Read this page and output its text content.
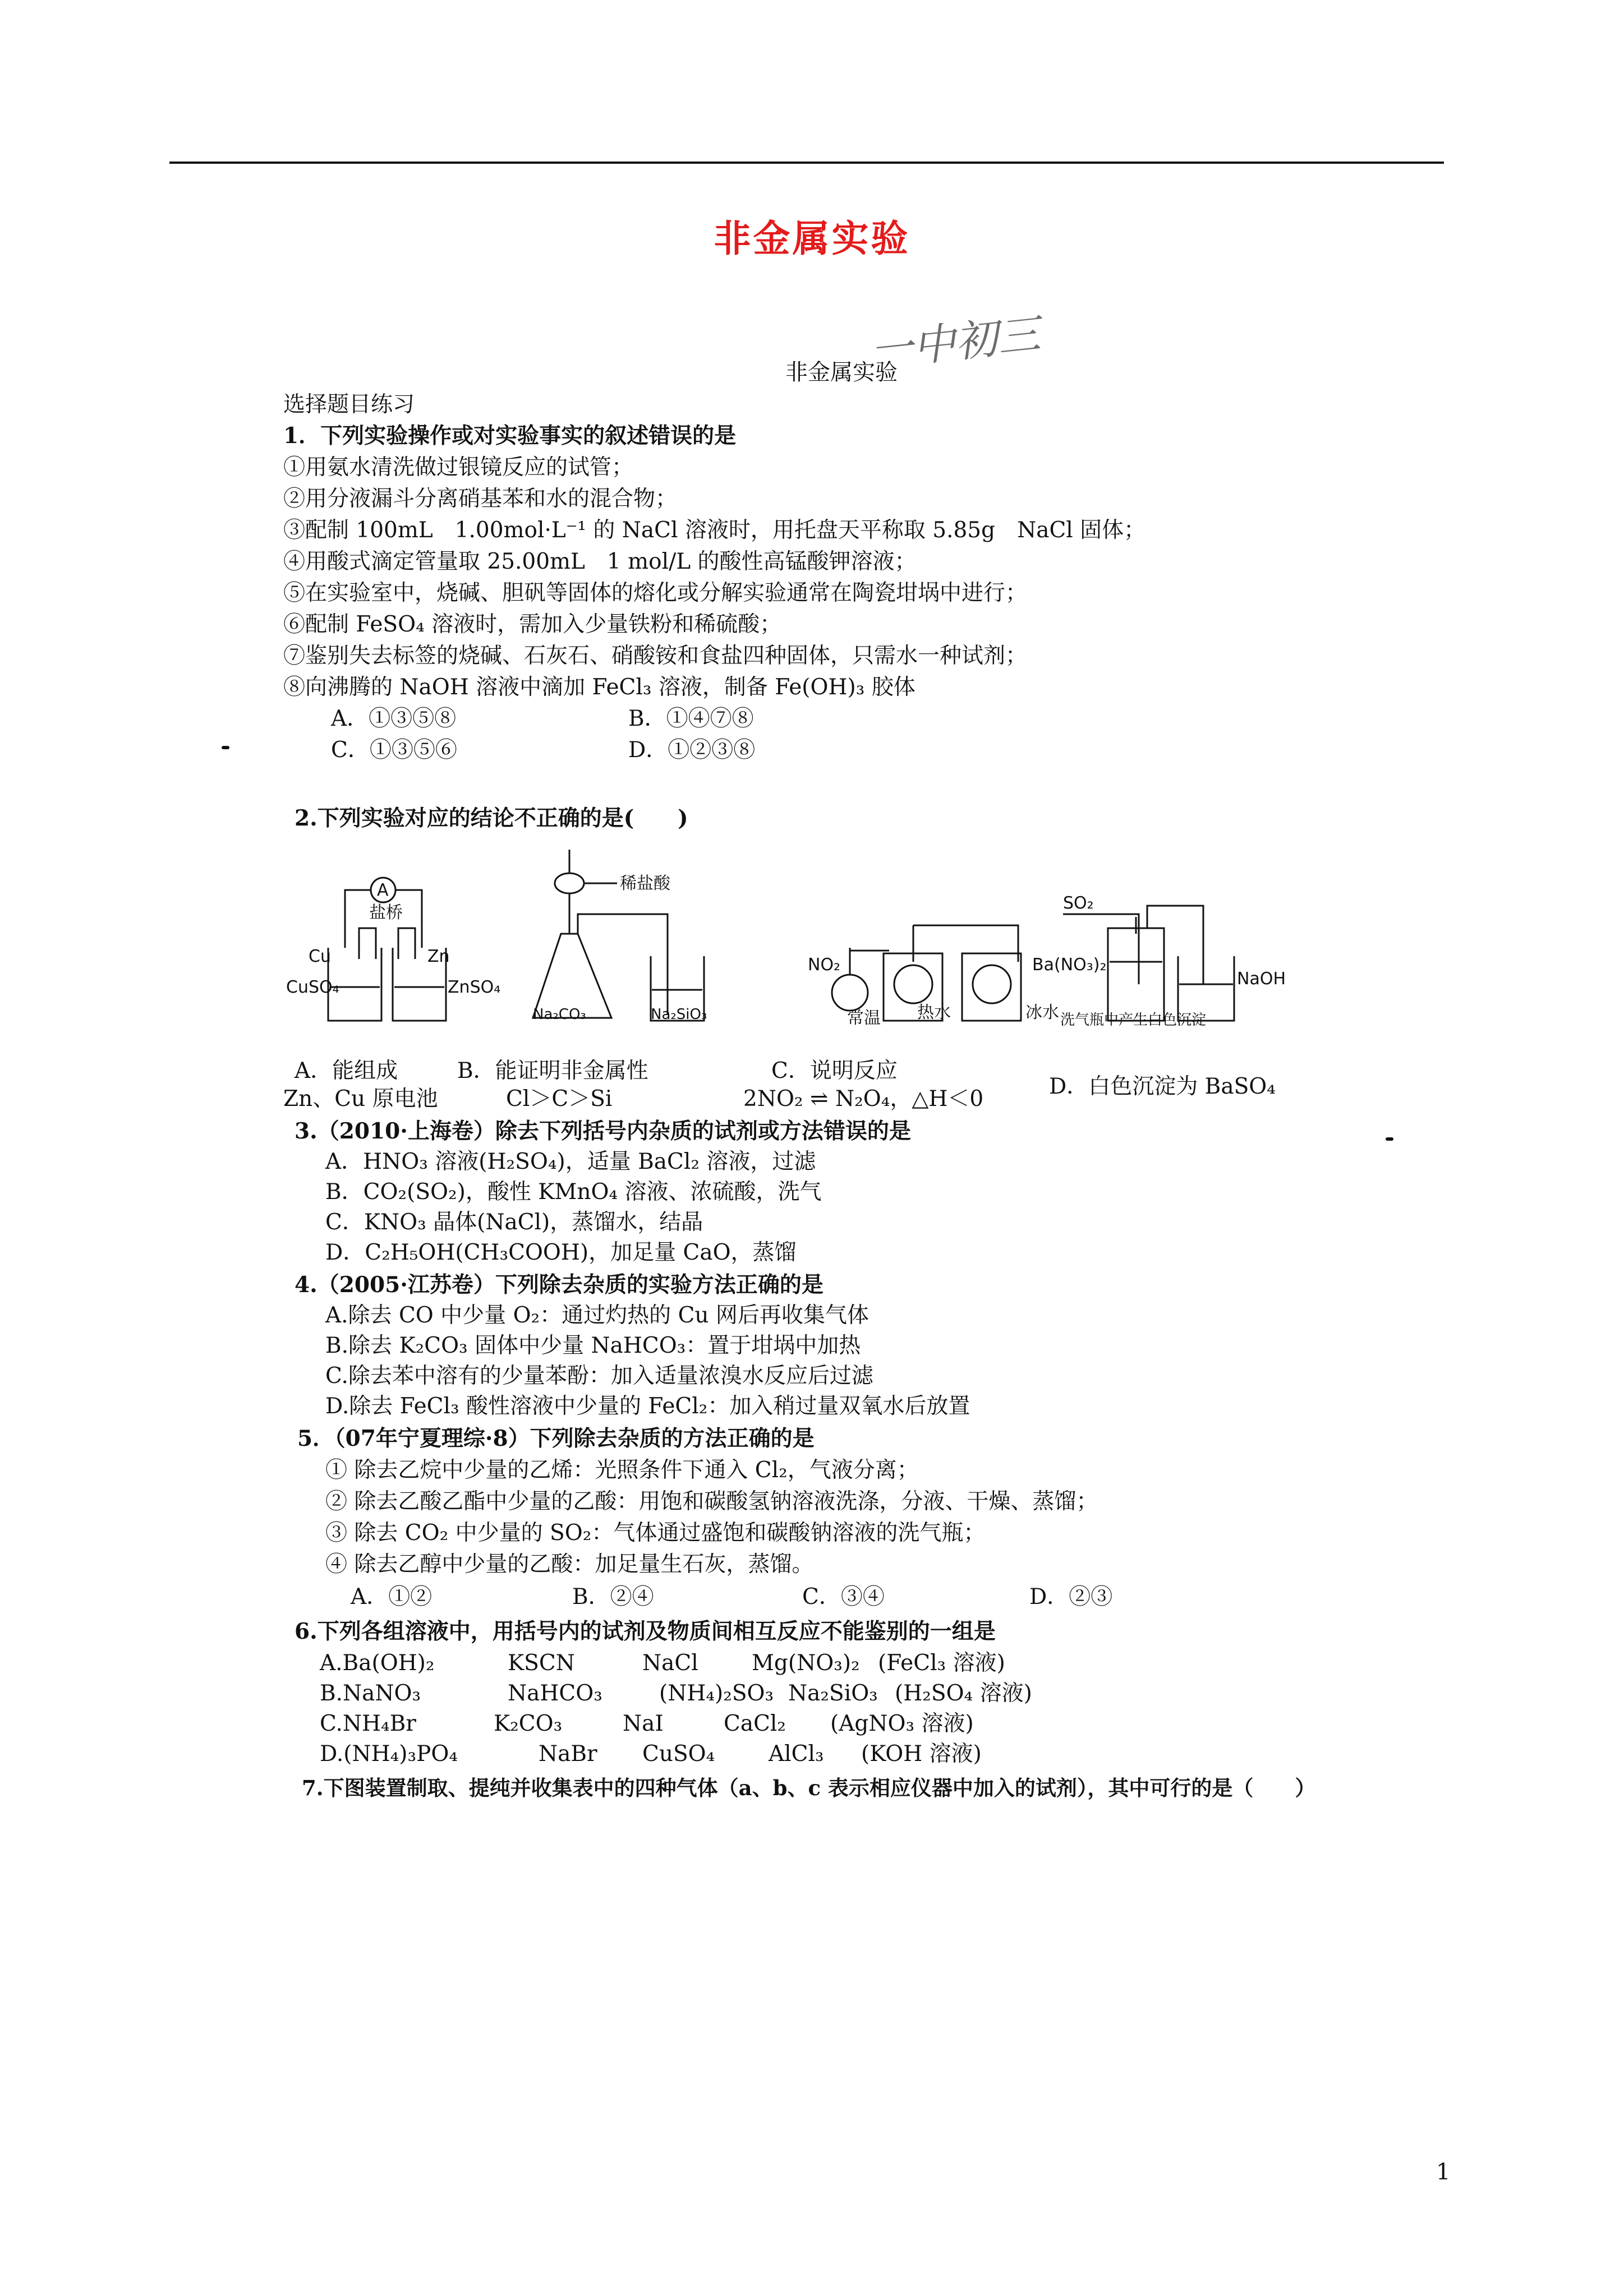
非金属实验
一中初三
非金属实验
选择题目练习
1．下列实验操作或对实验事实的叙述错误的是
①用氨水清洗做过银镜反应的试管；
②用分液漏斗分离硝基苯和水的混合物；
③配制 100mL　1.00mol·L⁻¹ 的 NaCl 溶液时，用托盘天平称取 5.85g　NaCl 固体；
④用酸式滴定管量取 25.00mL　1 mol/L 的酸性高锰酸钾溶液；
⑤在实验室中，烧碱、胆矾等固体的熔化或分解实验通常在陶瓷坩埚中进行；
⑥配制 FeSO₄ 溶液时，需加入少量铁粉和稀硫酸；
⑦鉴别失去标签的烧碱、石灰石、硝酸铵和食盐四种固体，只需水一种试剂；
⑧向沸腾的 NaOH 溶液中滴加 FeCl₃ 溶液，制备 Fe(OH)₃ 胶体
A．①③⑤⑧	B．①④⑦⑧
C．①③⑤⑥	D．①②③⑧
2.下列实验对应的结论不正确的是(　　)
A
盐桥
Cu	Zn
CuSO₄	ZnSO₄
稀盐酸
Na₂CO₃	Na₂SiO₃
NO₂
常温 热水	冰水
SO₂
Ba(NO₃)₂
NaOH
洗气瓶中产生白色沉淀
A．能组成
Zn、Cu 原电池
B．能证明非金属性
Cl＞C＞Si
C．说明反应
2NO₂ ⇌ N₂O₄，△H＜0	D．白色沉淀为 BaSO₄
3.（2010·上海卷）除去下列括号内杂质的试剂或方法错误的是
A．HNO₃ 溶液(H₂SO₄)，适量 BaCl₂ 溶液，过滤
B．CO₂(SO₂)，酸性 KMnO₄ 溶液、浓硫酸，洗气
C．KNO₃ 晶体(NaCl)，蒸馏水，结晶
D．C₂H₅OH(CH₃COOH)，加足量 CaO，蒸馏
4.（2005·江苏卷）下列除去杂质的实验方法正确的是
A.除去 CO 中少量 O₂：通过灼热的 Cu 网后再收集气体
B.除去 K₂CO₃ 固体中少量 NaHCO₃：置于坩埚中加热
C.除去苯中溶有的少量苯酚：加入适量浓溴水反应后过滤
D.除去 FeCl₃ 酸性溶液中少量的 FeCl₂：加入稍过量双氧水后放置
5．（07年宁夏理综·8）下列除去杂质的方法正确的是
① 除去乙烷中少量的乙烯：光照条件下通入 Cl₂，气液分离；
② 除去乙酸乙酯中少量的乙酸：用饱和碳酸氢钠溶液洗涤，分液、干燥、蒸馏；
③ 除去 CO₂ 中少量的 SO₂：气体通过盛饱和碳酸钠溶液的洗气瓶；
④ 除去乙醇中少量的乙酸：加足量生石灰，蒸馏。
A．①②	B．②④	C．③④	D．②③
6.下列各组溶液中，用括号内的试剂及物质间相互反应不能鉴别的一组是
A.Ba(OH)₂	KSCN	NaCl Mg(NO₃)₂ (FeCl₃ 溶液)
B.NaNO₃	NaHCO₃	(NH₄)₂SO₃ Na₂SiO₃ (H₂SO₄ 溶液)
C.NH₄Br	K₂CO₃	NaI	CaCl₂ (AgNO₃ 溶液)
D.(NH₄)₃PO₄	NaBr CuSO₄ AlCl₃ (KOH 溶液)
7.下图装置制取、提纯并收集表中的四种气体（a、b、c 表示相应仪器中加入的试剂），其中可行的是（　　）
1
